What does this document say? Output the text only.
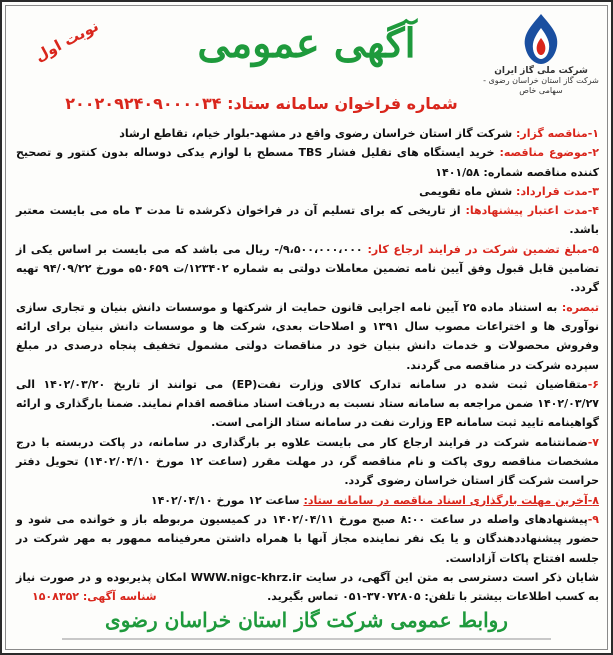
شرکت ملی گاز ایران
شرکت گاز استان خراسان رضوی - سهامی خاص
نوبت اول	آگهی عمومی
شماره فراخوان سامانه ستاد: ۲۰۰۲۰۹۲۴۰۹۰۰۰۰۳۴

۱-مناقصه گزار: شرکت گاز استان خراسان رضوی واقع در مشهد-بلوار خیام، تقاطع ارشاد

۲-موضوع مناقصه: خرید ایستگاه های تقلیل فشار TBS مسطح با لوازم یدکی دوساله بدون کنتور و تصحیح کننده مناقصه شماره: ۱۴۰۱/۵۸

۳-مدت قرارداد: شش ماه تقویمی

۴-مدت اعتبار پیشنهادها: از تاریخی که برای تسلیم آن در فراخوان ذکرشده تا مدت ۳ ماه می بایست معتبر باشد.

۵-مبلغ تضمین شرکت در فرایند ارجاع کار: ۹،۵۰۰،۰۰۰،۰۰۰/- ریال می باشد که می بایست بر اساس یکی از تضامین قابل قبول وفق آیین نامه تضمین معاملات دولتی به شماره ۱۲۳۴۰۲/ت ۵۰۶۵۹ه مورخ ۹۴/۰۹/۲۲ تهیه گردد.

تبصره: به استناد ماده ۲۵ آیین نامه اجرایی قانون حمایت از شرکتها و موسسات دانش بنیان و تجاری سازی نوآوری ها و اختراعات مصوب سال ۱۳۹۱ و اصلاحات بعدی، شرکت ها و موسسات دانش بنیان برای ارائه وفروش محصولات و خدمات دانش بنیان خود در مناقصات دولتی مشمول تخفیف پنجاه درصدی در مبلغ سپرده شرکت در مناقصه می گردند.

۶-متقاضیان ثبت شده در سامانه تدارک کالای وزارت نفت(EP) می توانند از تاریخ ۱۴۰۲/۰۳/۲۰ الی ۱۴۰۲/۰۳/۲۷ ضمن مراجعه به سامانه ستاد نسبت به دریافت اسناد مناقصه اقدام نمایند. ضمنا بارگذاری و ارائه گواهینامه تایید ثبت سامانه EP وزارت نفت در سامانه ستاد الزامی است.

۷-ضمانتنامه شرکت در فرایند ارجاع کار می بایست علاوه بر بارگذاری در سامانه، در پاکت دربسته با درج مشخصات مناقصه روی پاکت و نام مناقصه گر، در مهلت مقرر (ساعت ۱۲ مورخ ۱۴۰۲/۰۴/۱۰) تحویل دفتر حراست شرکت گاز استان خراسان رضوی گردد.

۸-آخرین مهلت بارگذاری اسناد مناقصه در سامانه ستاد: ساعت ۱۲ مورخ ۱۴۰۲/۰۴/۱۰

۹-پیشنهادهای واصله در ساعت ۸:۰۰ صبح مورخ ۱۴۰۲/۰۴/۱۱ در کمیسیون مربوطه باز و خوانده می شود و حضور پیشنهاددهندگان و یا یک نفر نماینده مجاز آنها با همراه داشتن معرفینامه ممهور به مهر شرکت در جلسه افتتاح پاکات آزاداست.

شایان ذکر است دسترسی به متن این آگهی، در سایت WWW.nigc-khrz.ir امکان پذیربوده و در صورت نیاز به کسب اطلاعات بیشتر با تلفن: ۳۷۰۷۲۸۰۵-۰۵۱ تماس بگیرید.

شناسه آگهی: ۱۵۰۸۳۵۲
روابط عمومی شرکت گاز استان خراسان رضوی
